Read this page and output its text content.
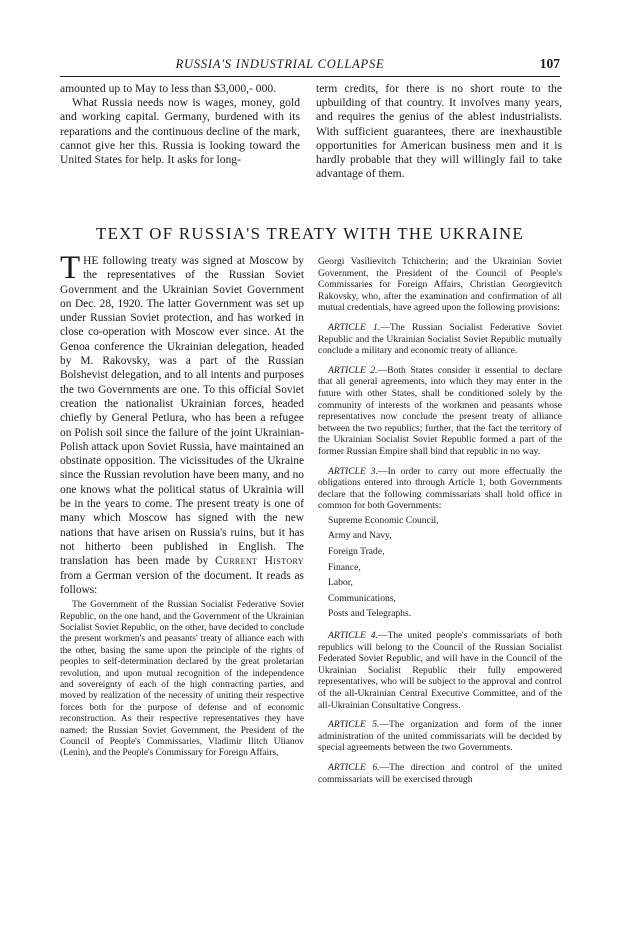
RUSSIA'S INDUSTRIAL COLLAPSE	107

amounted up to May to less than $3,000,- 000.

What Russia needs now is wages, money, gold and working capital. Germany, burdened with its reparations and the continuous decline of the mark, cannot give her this. Russia is looking toward the United States for help. It asks for long-

term credits, for there is no short route to the upbuilding of that country. It involves many years, and requires the genius of the ablest industrialists. With sufficient guarantees, there are inexhaustible opportunities for American business men and it is hardly probable that they will willingly fail to take advantage of them.

TEXT OF RUSSIA'S TREATY WITH THE UKRAINE

THE following treaty was signed at Moscow by the representatives of the Russian Soviet Government and the Ukrainian Soviet Government on Dec. 28, 1920. The latter Government was set up under Russian Soviet protection, and has worked in close co-operation with Moscow ever since. At the Genoa conference the Ukrainian delegation, headed by M. Rakovsky, was a part of the Russian Bolshevist delegation, and to all intents and purposes the two Governments are one. To this official Soviet creation the nationalist Ukrainian forces, headed chiefly by General Petlura, who has been a refugee on Polish soil since the failure of the joint Ukrainian-Polish attack upon Soviet Russia, have maintained an obstinate opposition. The vicissitudes of the Ukraine since the Russian revolution have been many, and no one knows what the political status of Ukrainia will be in the years to come. The present treaty is one of many which Moscow has signed with the new nations that have arisen on Russia's ruins, but it has not hitherto been published in English. The translation has been made by Current History from a German version of the document. It reads as follows:

The Government of the Russian Socialist Federative Soviet Republic, on the one hand, and the Government of the Ukrainian Socialist Soviet Republic, on the other, have decided to conclude the present workmen's and peasants' treaty of alliance each with the other, basing the same upon the principle of the rights of peoples to self-determination declared by the great proletarian revolution, and upon mutual recognition of the independence and sovereignty of each of the high contracting parties, and moved by realization of the necessity of uniting their respective forces both for the purpose of defense and of economic reconstruction. As their respective representatives they have named: the Russian Soviet Government, the President of the Council of People's Commissaries, Vladimir Ilitch Ulianov (Lenin), and the People's Commissary for Foreign Affairs,

Georgi Vasilievitch Tchitcherin; and the Ukrainian Soviet Government, the President of the Council of People's Commissaries for Foreign Affairs, Christian Georgievitch Rakovsky, who, after the examination and confirmation of all mutual credentials, have agreed upon the following provisions:

ARTICLE 1.—The Russian Socialist Federative Soviet Republic and the Ukrainian Socialist Soviet Republic mutually conclude a military and economic treaty of alliance.

ARTICLE 2.—Both States consider it essential to declare that all general agreements, into which they may enter in the future with other States, shall be conditioned solely by the community of interests of the workmen and peasants whose representatives now conclude the present treaty of alliance between the two republics; further, that the fact the territory of the Ukrainian Socialist Soviet Republic formed a part of the former Russian Empire shall bind that republic in no way.

ARTICLE 3.—In order to carry out more effectually the obligations entered into through Article 1, both Governments declare that the following commissariats shall hold office in common for both Governments:

Supreme Economic Council,
Army and Navy,
Foreign Trade,
Finance,
Labor,
Communications,
Posts and Telegraphs.

ARTICLE 4.—The united people's commissariats of both republics will belong to the Council of the Russian Socialist Federated Soviet Republic, and will have in the Council of the Ukrainian Socialist Republic their fully empowered representatives, who will be subject to the approval and control of the all-Ukrainian Central Executive Committee, and of the all-Ukrainian Consultative Congress.

ARTICLE 5.—The organization and form of the inner administration of the united commissariats will be decided by special agreements between the two Governments.

ARTICLE 6.—The direction and control of the united commissariats will be exercised through
